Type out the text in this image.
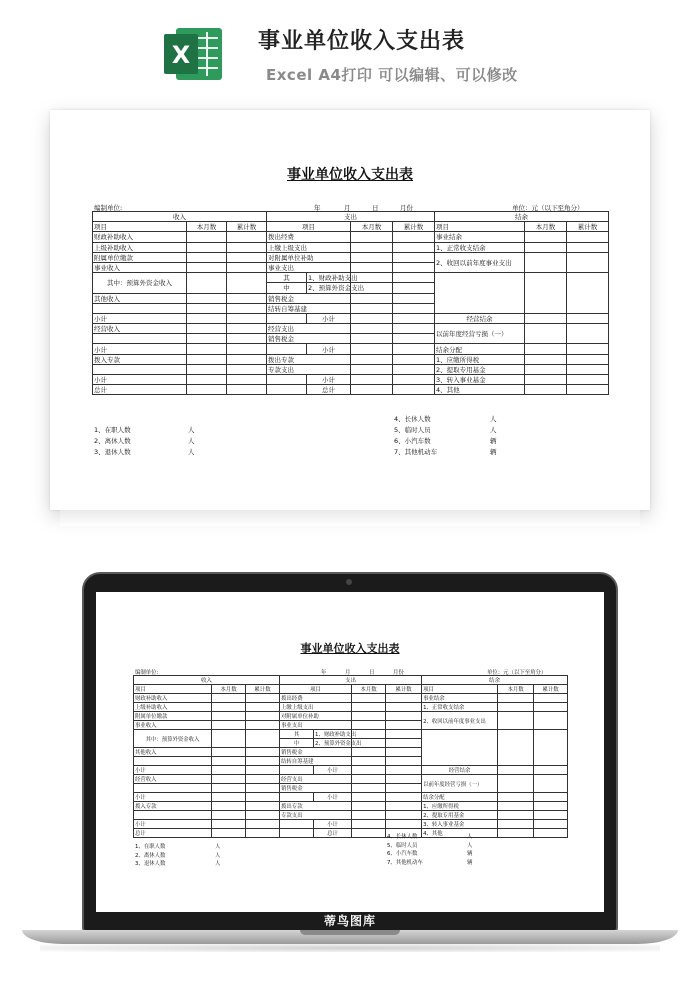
X	事业单位收入支出表
Excel A4打印 可以编辑、可以修改
事业单位收入支出表
编制单位:	年	月	日	月份	单位：元（以下至角分）
收入			支出				结余		
项目	本月数	累计数	项目		本月数	累计数	项目	本月数	累计数
财政补助收入			拨出经费				事业结余		
上级补助收入			上缴上级支出				1、正常收支结余		
附属单位缴款			对附属单位补助				2、收回以前年度事业支出		
事业收入			事业支出						
其中：预算外资金收入			其	1、财政补助支出					
			中	2、预算外资金支出					
其他收入			销售税金						
			结转自筹基建						
小计				小计			经营结余		
经营收入			经营支出				以前年度经营亏损（一）		
			销售税金						
小计				小计			结余分配		
拨入专款			拨出专款				1、应缴所得税		
			专款支出				2、提取专用基金		
小计				小计			3、转入事业基金		
总计				总计			4、其他		
1、在职人数	人
2、离休人数	人
3、退休人数	人
4、长休人数	人
5、临时人员	人
6、小汽车数	辆
7、其他机动车	辆
事业单位收入支出表
编制单位:	年	月	日	月份	单位：元（以下至角分）
收入			支出				结余		
项目	本月数	累计数	项目		本月数	累计数	项目	本月数	累计数
财政补助收入			拨出经费				事业结余		
上级补助收入			上缴上级支出				1、正常收支结余		
附属单位缴款			对附属单位补助				2、收回以前年度事业支出		
事业收入			事业支出						
其中：预算外资金收入			其	1、财政补助支出					
			中	2、预算外资金支出					
其他收入			销售税金						
			结转自筹基建						
小计				小计			经营结余		
经营收入			经营支出				以前年度经营亏损（一）		
			销售税金						
小计				小计			结余分配		
拨入专款			拨出专款				1、应缴所得税		
			专款支出				2、提取专用基金		
小计				小计			3、转入事业基金		
总计				总计			4、其他		
1、在职人数	人
2、离休人数	人
3、退休人数	人
4、长休人数	人
5、临时人员	人
6、小汽车数	辆
7、其他机动车	辆
蒂鸟图库
